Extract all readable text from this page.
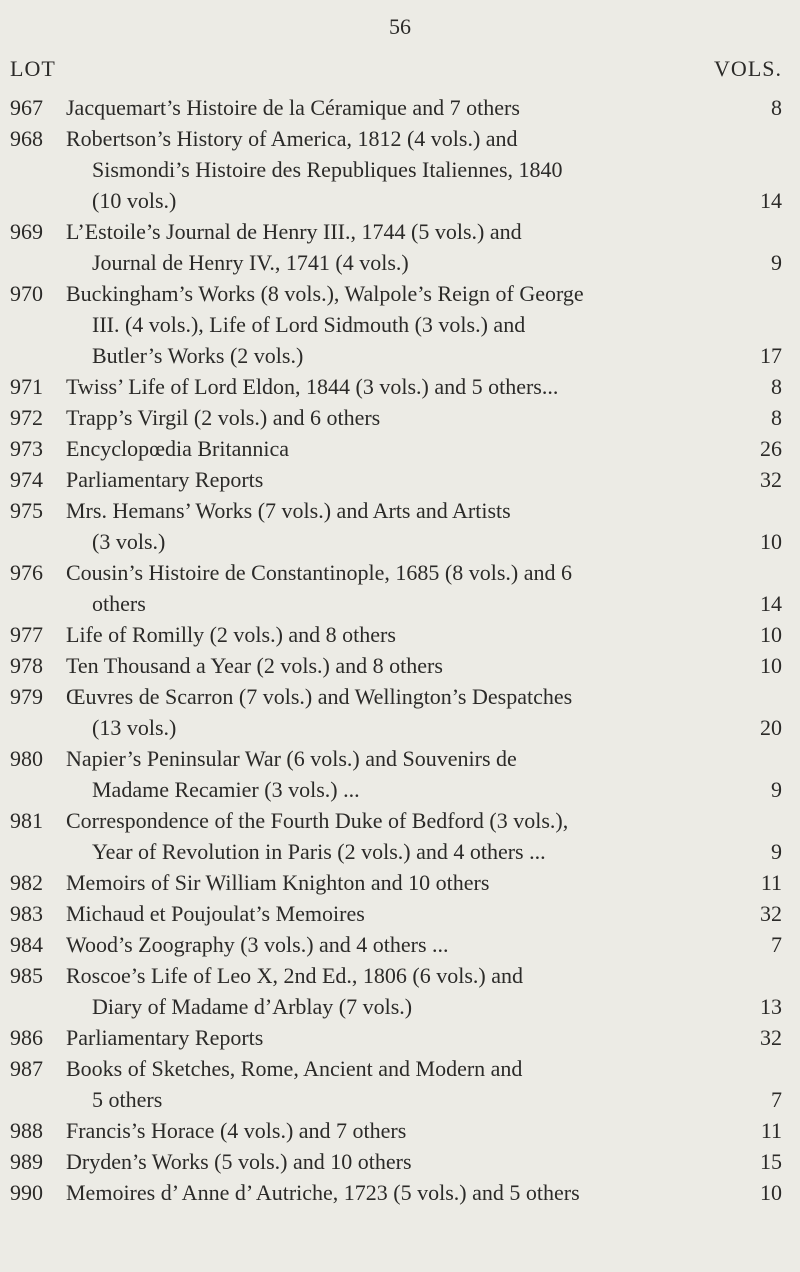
56
LOT	VOLS.
967 Jacquemart’s Histoire de la Céramique and 7 others	8
968 Robertson’s History of America, 1812 (4 vols.) and
Sismondi’s Histoire des Republiques Italiennes, 1840
(10 vols.)	14
969 L’Estoile’s Journal de Henry III., 1744 (5 vols.) and
Journal de Henry IV., 1741 (4 vols.)	9
970 Buckingham’s Works (8 vols.), Walpole’s Reign of George
III. (4 vols.), Life of Lord Sidmouth (3 vols.) and
Butler’s Works (2 vols.)	17
971 Twiss’ Life of Lord Eldon, 1844 (3 vols.) and 5 others...	8
972 Trapp’s Virgil (2 vols.) and 6 others	8
973 Encyclopœdia Britannica	26
974 Parliamentary Reports	32
975 Mrs. Hemans’ Works (7 vols.) and Arts and Artists
(3 vols.)	10
976 Cousin’s Histoire de Constantinople, 1685 (8 vols.) and 6
others	14
977 Life of Romilly (2 vols.) and 8 others	10
978 Ten Thousand a Year (2 vols.) and 8 others	10
979 Œuvres de Scarron (7 vols.) and Wellington’s Despatches
(13 vols.)	20
980 Napier’s Peninsular War (6 vols.) and Souvenirs de
Madame Recamier (3 vols.) ...	9
981 Correspondence of the Fourth Duke of Bedford (3 vols.),
Year of Revolution in Paris (2 vols.) and 4 others ...	9
982 Memoirs of Sir William Knighton and 10 others	11
983 Michaud et Poujoulat’s Memoires	32
984 Wood’s Zoography (3 vols.) and 4 others ...	7
985 Roscoe’s Life of Leo X, 2nd Ed., 1806 (6 vols.) and
Diary of Madame d’Arblay (7 vols.)	13
986 Parliamentary Reports	32
987 Books of Sketches, Rome, Ancient and Modern and
5 others	7
988 Francis’s Horace (4 vols.) and 7 others	11
989 Dryden’s Works (5 vols.) and 10 others	15
990 Memoires d’ Anne d’ Autriche, 1723 (5 vols.) and 5 others	10
